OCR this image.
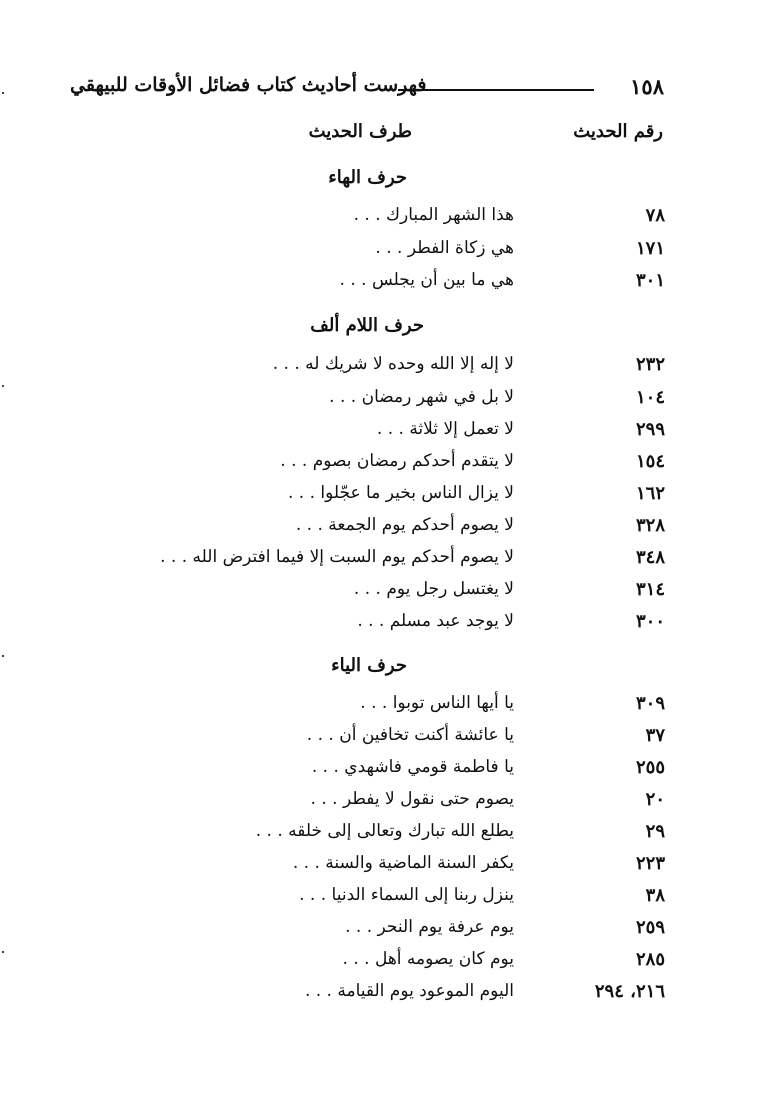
١٥٨
فهرست أحاديث كتاب فضائل الأوقات للبيهقي
رقم الحديث
طرف الحديث
حرف الهاء
٧٨
هذا الشهر المبارك . . .
١٧١
هي زكاة الفطر . . .
٣٠١
هي ما بين أن يجلس . . .
حرف اللام ألف
٢٣٢
لا إله إلا الله وحده لا شريك له . . .
١٠٤
لا بل في شهر رمضان . . .
٢٩٩
لا تعمل إلا ثلاثة . . .
١٥٤
لا يتقدم أحدكم رمضان بصوم . . .
١٦٢
لا يزال الناس بخير ما عجّلوا . . .
٣٢٨
لا يصوم أحدكم يوم الجمعة . . .
٣٤٨
لا يصوم أحدكم يوم السبت إلا فيما افترض الله . . .
٣١٤
لا يغتسل رجل يوم . . .
٣٠٠
لا يوجد عبد مسلم . . .
حرف الياء
٣٠٩
يا أيها الناس توبوا . . .
٣٧
يا عائشة أكنت تخافين أن . . .
٢٥٥
يا فاطمة قومي فاشهدي . . .
٢٠
يصوم حتى نقول لا يفطر . . .
٢٩
يطلع الله تبارك وتعالى إلى خلقه . . .
٢٢٣
يكفر السنة الماضية والسنة . . .
٣٨
ينزل ربنا إلى السماء الدنيا . . .
٢٥٩
يوم عرفة يوم النحر . . .
٢٨٥
يوم كان يصومه أهل . . .
٢١٦، ٢٩٤
اليوم الموعود يوم القيامة . . .
